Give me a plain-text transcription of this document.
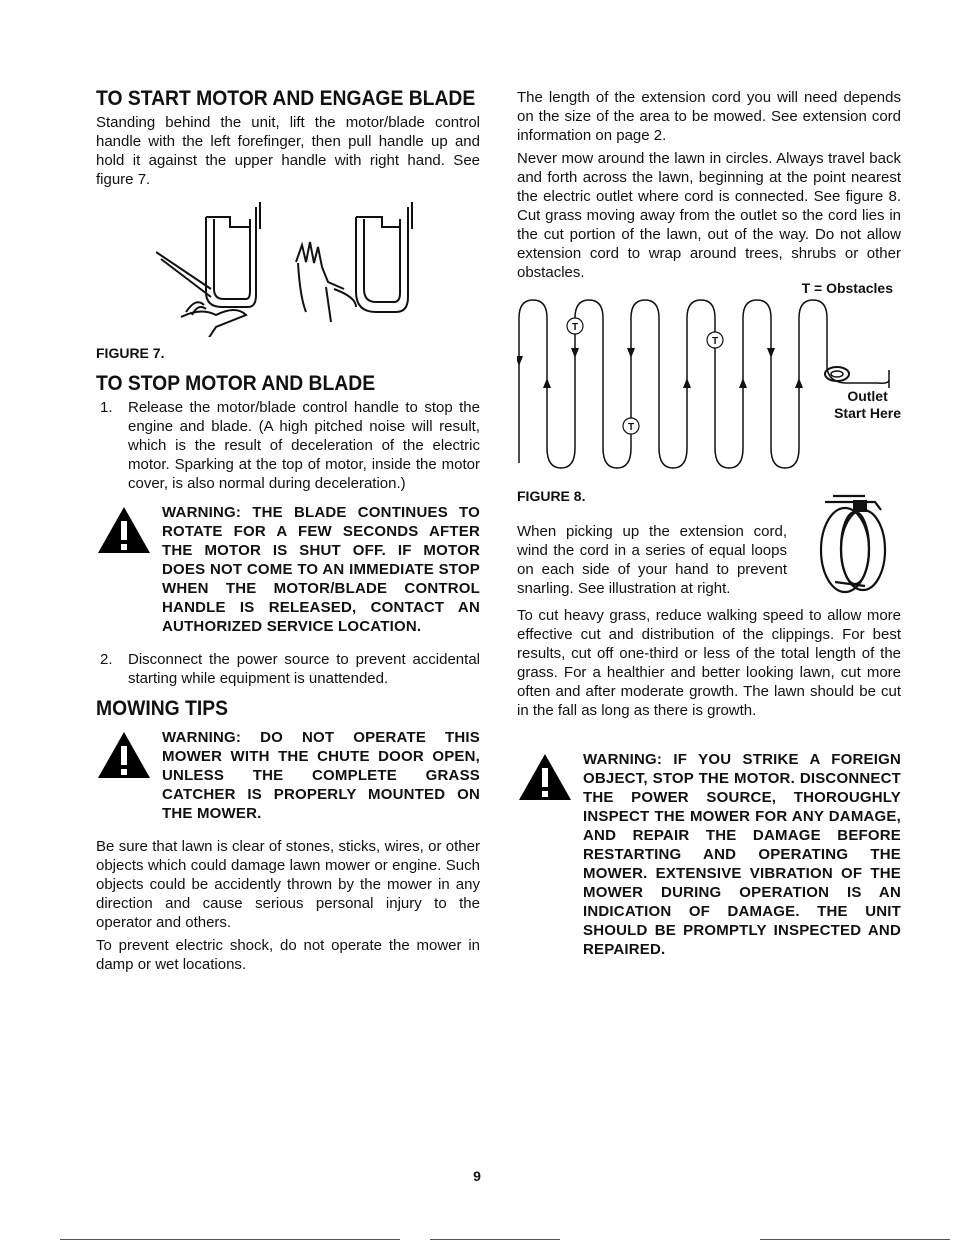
TO START MOTOR AND ENGAGE BLADE

Standing behind the unit, lift the motor/blade control handle with the left forefinger, then pull handle up and hold it against the upper handle with right hand. See figure 7.

FIGURE 7.
TO STOP MOTOR AND BLADE
1.	Release the motor/blade control handle to stop the engine and blade. (A high pitched noise will result, which is the result of deceleration of the electric motor. Sparking at the top of motor, inside the motor cover, is also normal during deceleration.)
WARNING: THE BLADE CONTINUES TO ROTATE FOR A FEW SECONDS AFTER THE MOTOR IS SHUT OFF. IF MOTOR DOES NOT COME TO AN IMMEDIATE STOP WHEN THE MOTOR/BLADE CONTROL HANDLE IS RELEASED, CONTACT AN AUTHORIZED SERVICE LOCATION.
2.	Disconnect the power source to prevent accidental starting while equipment is unattended.
MOWING TIPS
WARNING: DO NOT OPERATE THIS MOWER WITH THE CHUTE DOOR OPEN, UNLESS THE COMPLETE GRASS CATCHER IS PROPERLY MOUNTED ON THE MOWER.

Be sure that lawn is clear of stones, sticks, wires, or other objects which could damage lawn mower or engine. Such objects could be accidently thrown by the mower in any direction and cause serious personal injury to the operator and others.

To prevent electric shock, do not operate the mower in damp or wet locations.

The length of the extension cord you will need depends on the size of the area to be mowed. See extension cord information on page 2.

Never mow around the lawn in circles. Always travel back and forth across the lawn, beginning at the point nearest the electric outlet where cord is connected. See figure 8. Cut grass moving away from the outlet so the cord lies in the cut portion of the lawn, out of the way. Do not allow extension cord to wrap around trees, shrubs or other obstacles.

T
T
T
T = Obstacles
Outlet
Start Here
FIGURE 8.

When picking up the extension cord, wind the cord in a series of equal loops on each side of your hand to prevent snarling. See illustration at right.

To cut heavy grass, reduce walking speed to allow more effective cut and distribution of the clippings. For best results, cut off one-third or less of the total length of the grass. For a healthier and better looking lawn, cut more often and after moderate growth. The lawn should be cut in the fall as long as there is growth.

WARNING: IF YOU STRIKE A FOREIGN OBJECT, STOP THE MOTOR. DISCONNECT THE POWER SOURCE, THOROUGHLY INSPECT THE MOWER FOR ANY DAMAGE, AND REPAIR THE DAMAGE BEFORE RESTARTING AND OPERATING THE MOWER. EXTENSIVE VIBRATION OF THE MOWER DURING OPERATION IS AN INDICATION OF DAMAGE. THE UNIT SHOULD BE PROMPTLY INSPECTED AND REPAIRED.
9
